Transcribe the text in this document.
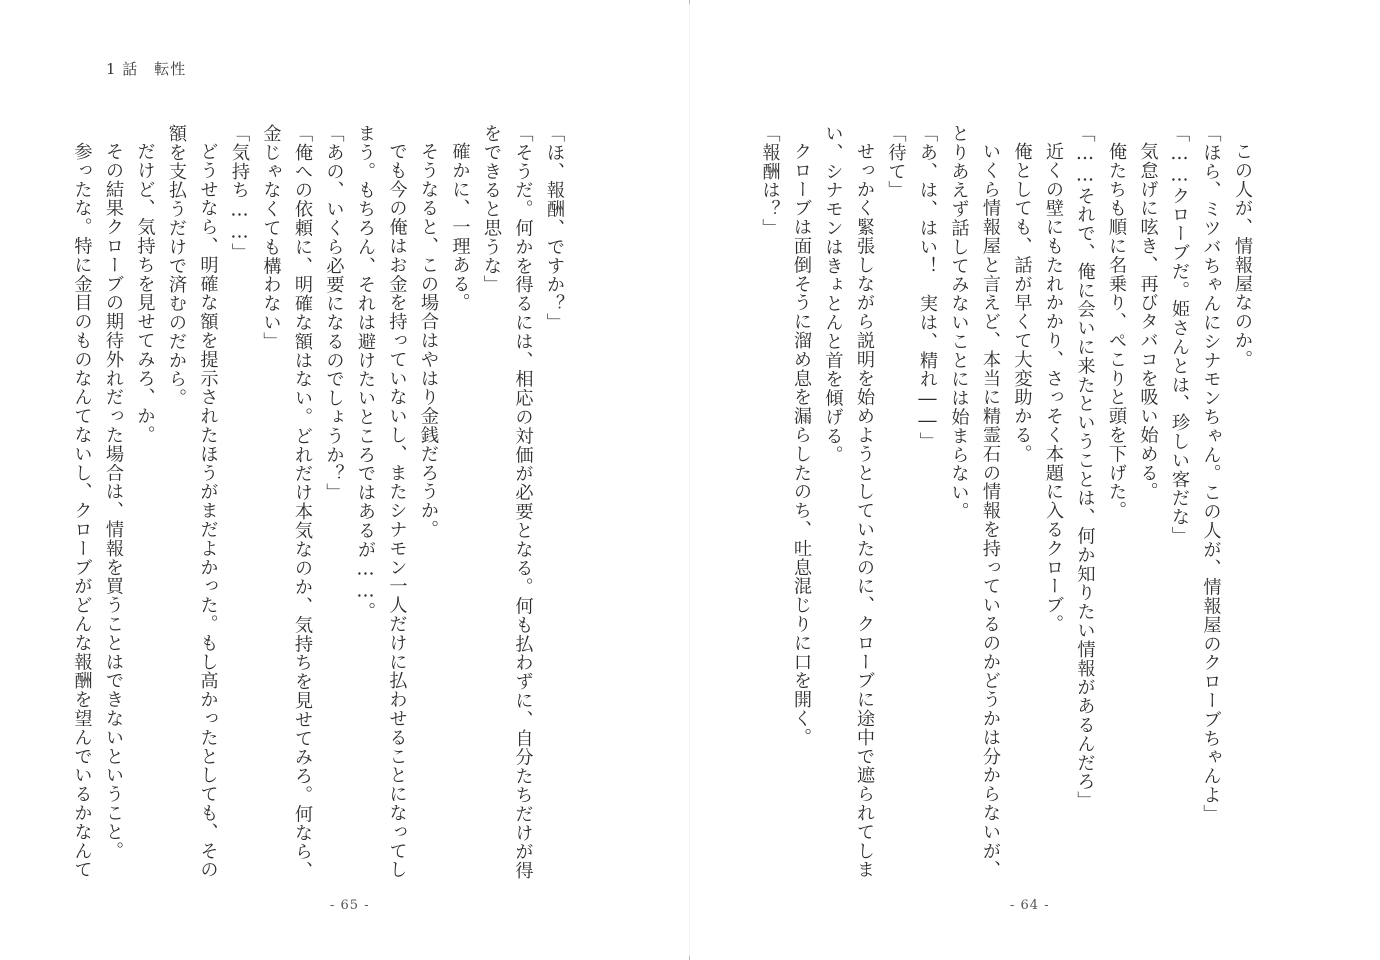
1 話　転性

「ほ、報酬、ですか？」

「そうだ。何かを得るには、相応の対価が必要となる。何も払わずに、自分たちだけが得をできると思うな」

確かに、一理ある。

そうなると、この場合はやはり金銭だろうか。

でも今の俺はお金を持っていないし、またシナモン一人だけに払わせることになってしまう。もちろん、それは避けたいところではあるが……。

「あの、いくら必要になるのでしょうか？」

「俺への依頼に、明確な額はない。どれだけ本気なのか、気持ちを見せてみろ。何なら、金じゃなくても構わない」

「気持ち……」

どうせなら、明確な額を提示されたほうがまだよかった。もし高かったとしても、その額を支払うだけで済むのだから。

だけど、気持ちを見せてみろ、か。

その結果クローブの期待外れだった場合は、情報を買うことはできないということ。

参ったな。特に金目のものなんてないし、クローブがどんな報酬を望んでいるかなんて

- 65 -

この人が、情報屋なのか。

「ほら、ミツバちゃんにシナモンちゃん。この人が、情報屋のクローブちゃんよ」

「……クローブだ。姫さんとは、珍しい客だな」

気怠げに呟き、再びタバコを吸い始める。

俺たちも順に名乗り、ぺこりと頭を下げた。

「……それで、俺に会いに来たということは、何か知りたい情報があるんだろ」

近くの壁にもたれかかり、さっそく本題に入るクローブ。

俺としても、話が早くて大変助かる。

いくら情報屋と言えど、本当に精霊石の情報を持っているのかどうかは分からないが、とりあえず話してみないことには始まらない。

「あ、は、はい！　実は、精れ――」

「待て」

せっかく緊張しながら説明を始めようとしていたのに、クローブに途中で遮られてしまい、シナモンはきょとんと首を傾げる。

クローブは面倒そうに溜め息を漏らしたのち、吐息混じりに口を開く。

「報酬は？」

- 64 -
